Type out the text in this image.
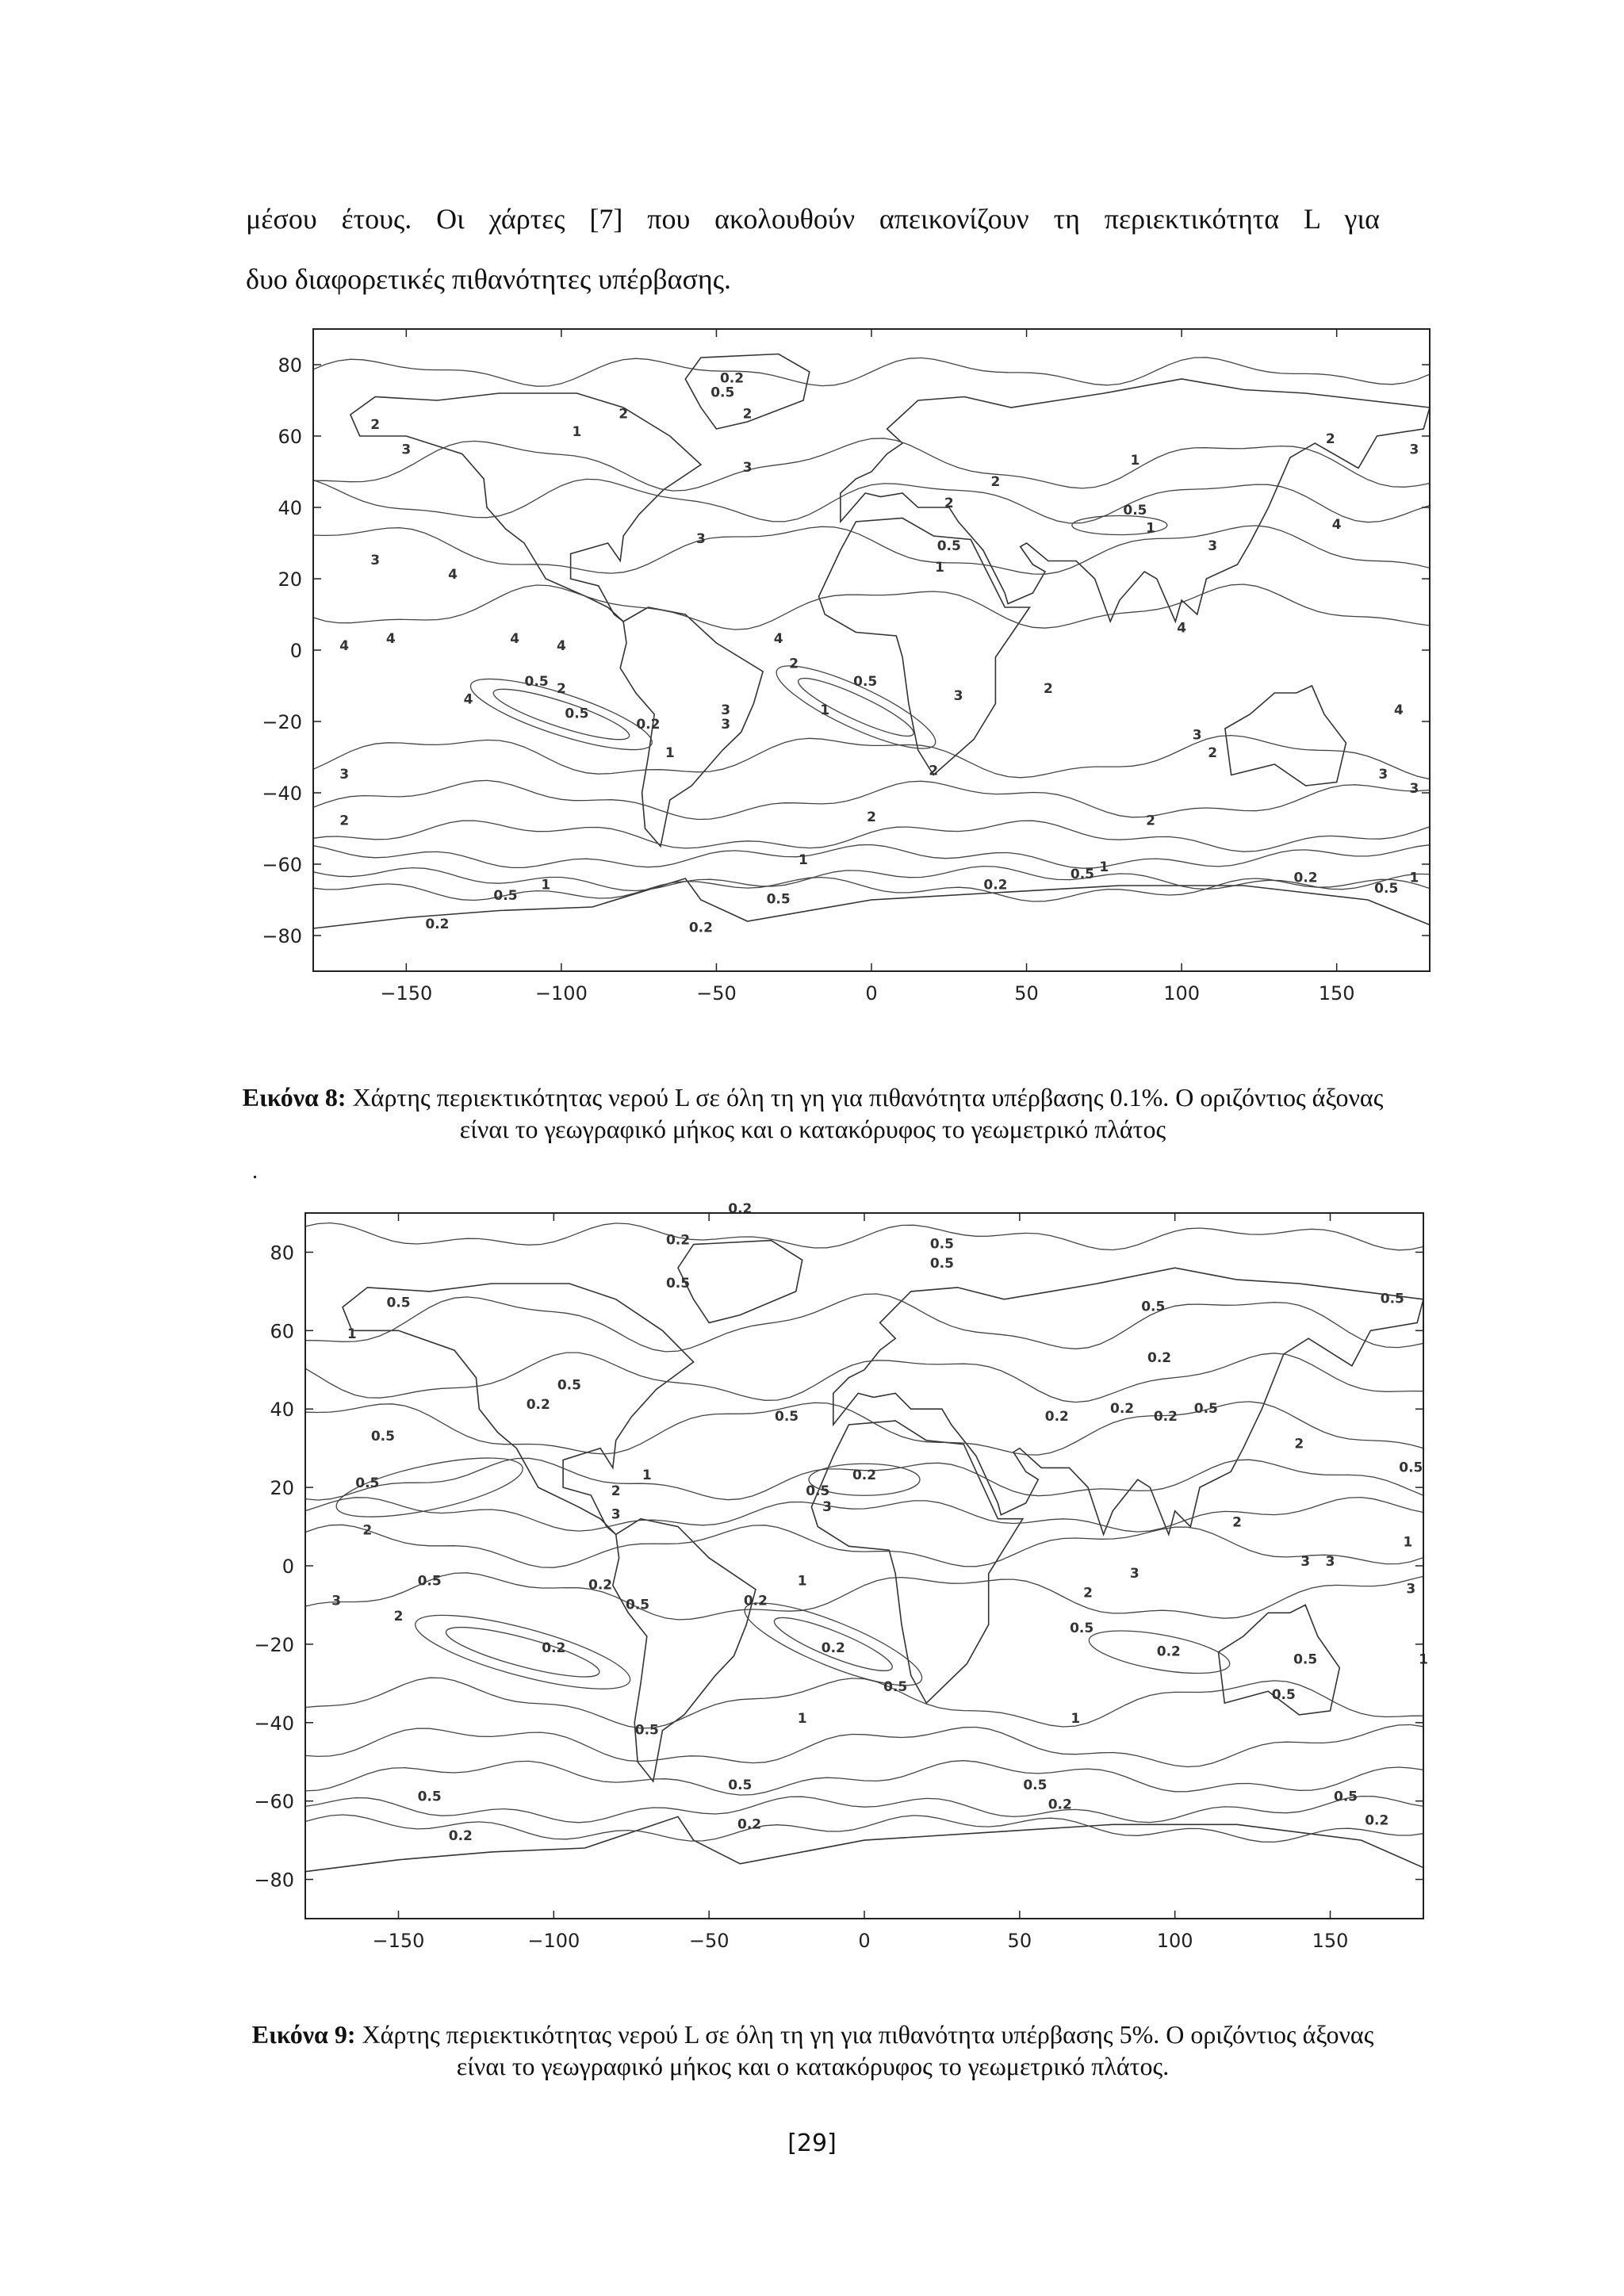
μέσου έτους. Οι χάρτες [7] που ακολουθούν απεικονίζουν τη περιεκτικότητα L για

δυο διαφορετικές πιθανότητες υπέρβασης.

0.2
0.5
2
2
3
2
1
3
3
4
3
4	4	4	4	4
4
0.5
0.5
0.2
2
1
3
3
2
0.5
1
2
3
2	2	2
1
1
0.5	0.5
0.2	0.2
0.2
0.5 1
0.2
0.5
1
0.5
1
0.5
1
2
2
3
4
3
4
3
2
4
3
3
1
2
2
3
−150	−100	−50	0	50	100	150
80
60
40
20
0
−20
−40
−60
−80
Εικόνα 8: Χάρτης περιεκτικότητας νερού L σε όλη τη γη για πιθανότητα υπέρβασης 0.1%. Ο οριζόντιος άξονας είναι το γεωγραφικό μήκος και ο κατακόρυφος το γεωμετρικό πλάτος
.
0.2
0.2	0.5
0.5
0.5
0.5
1
0.5	0.5
0.2
0.5
0.2
0.5	0.2	0.2 0.2 0.5
0.5
0.5	0.5
0.2
2
3	3
2
1
0.5
3
2
0.2
0.5
0.2
0.2
0.2
0.5
1
0.5
0.5
2
3
0.2	0.5
0.5
1
3 3
3
1
2
0.5
0.5
0.2
0.2
0.5
0.2	0.5
0.2
1
1
0.5
2
−150	−100	−50	0	50	100	150
80
60
40
20
0
−20
−40
−60
−80
Εικόνα 9: Χάρτης περιεκτικότητας νερού L σε όλη τη γη για πιθανότητα υπέρβασης 5%. Ο οριζόντιος άξονας είναι το γεωγραφικό μήκος και ο κατακόρυφος το γεωμετρικό πλάτος.
[29]
